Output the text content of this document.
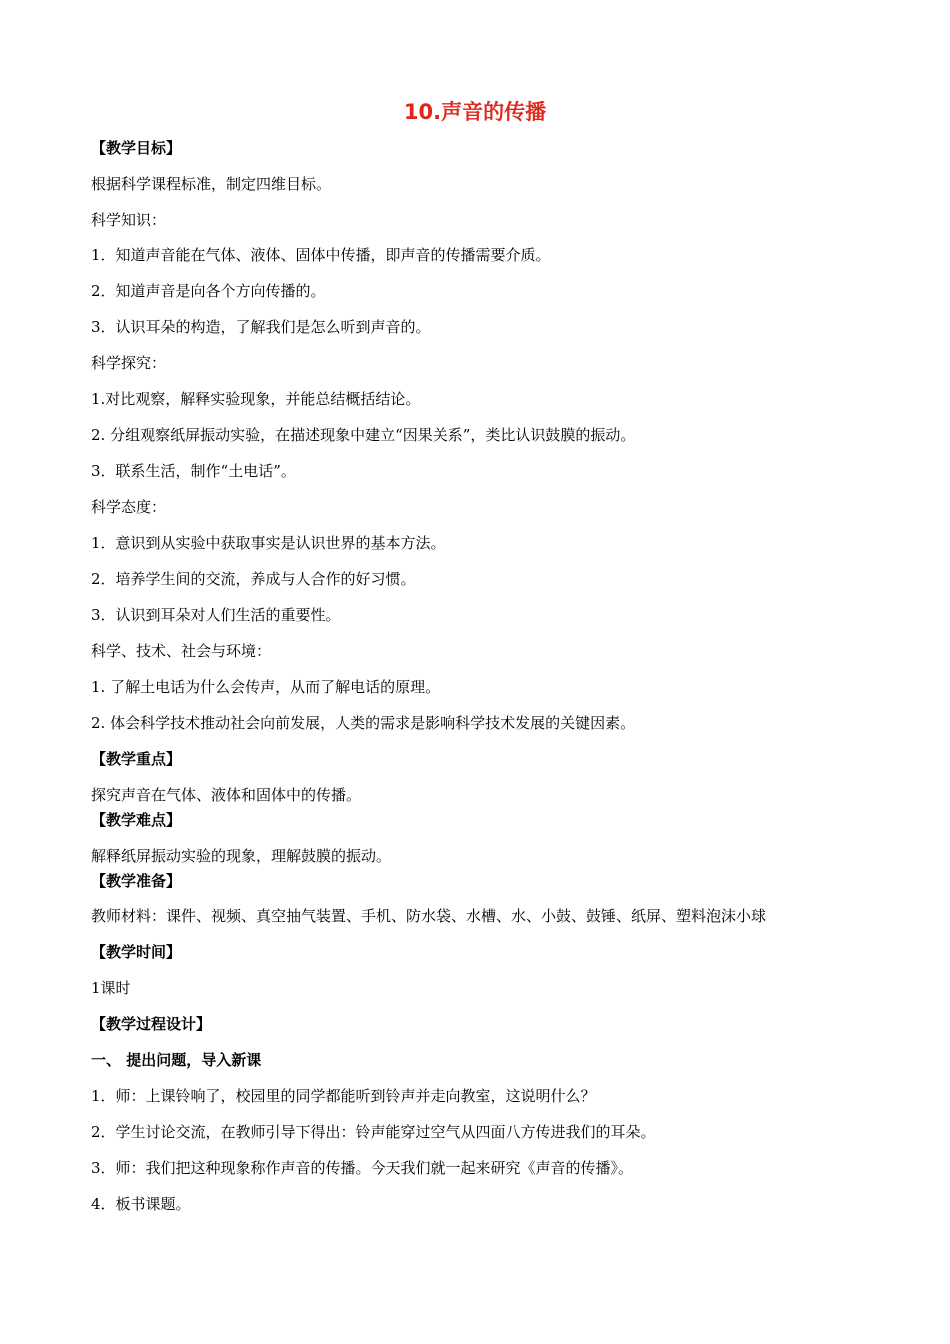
10.声音的传播
【教学目标】
根据科学课程标准，制定四维目标。
科学知识：
1．知道声音能在气体、液体、固体中传播，即声音的传播需要介质。
2．知道声音是向各个方向传播的。
3．认识耳朵的构造，了解我们是怎么听到声音的。
科学探究：
1.对比观察，解释实验现象，并能总结概括结论。
2. 分组观察纸屏振动实验，在描述现象中建立“因果关系”，类比认识鼓膜的振动。
3．联系生活，制作“土电话”。
科学态度：
1．意识到从实验中获取事实是认识世界的基本方法。
2．培养学生间的交流，养成与人合作的好习惯。
3．认识到耳朵对人们生活的重要性。
科学、技术、社会与环境：
1. 了解土电话为什么会传声，从而了解电话的原理。
2. 体会科学技术推动社会向前发展，人类的需求是影响科学技术发展的关键因素。
【教学重点】
探究声音在气体、液体和固体中的传播。
【教学难点】
解释纸屏振动实验的现象，理解鼓膜的振动。
【教学准备】
教师材料：课件、视频、真空抽气装置、手机、防水袋、水槽、水、小鼓、鼓锤、纸屏、塑料泡沫小球
【教学时间】
1课时
【教学过程设计】
一、 提出问题，导入新课
1．师：上课铃响了，校园里的同学都能听到铃声并走向教室，这说明什么？
2．学生讨论交流，在教师引导下得出：铃声能穿过空气从四面八方传进我们的耳朵。
3．师：我们把这种现象称作声音的传播。今天我们就一起来研究《声音的传播》。
4．板书课题。
